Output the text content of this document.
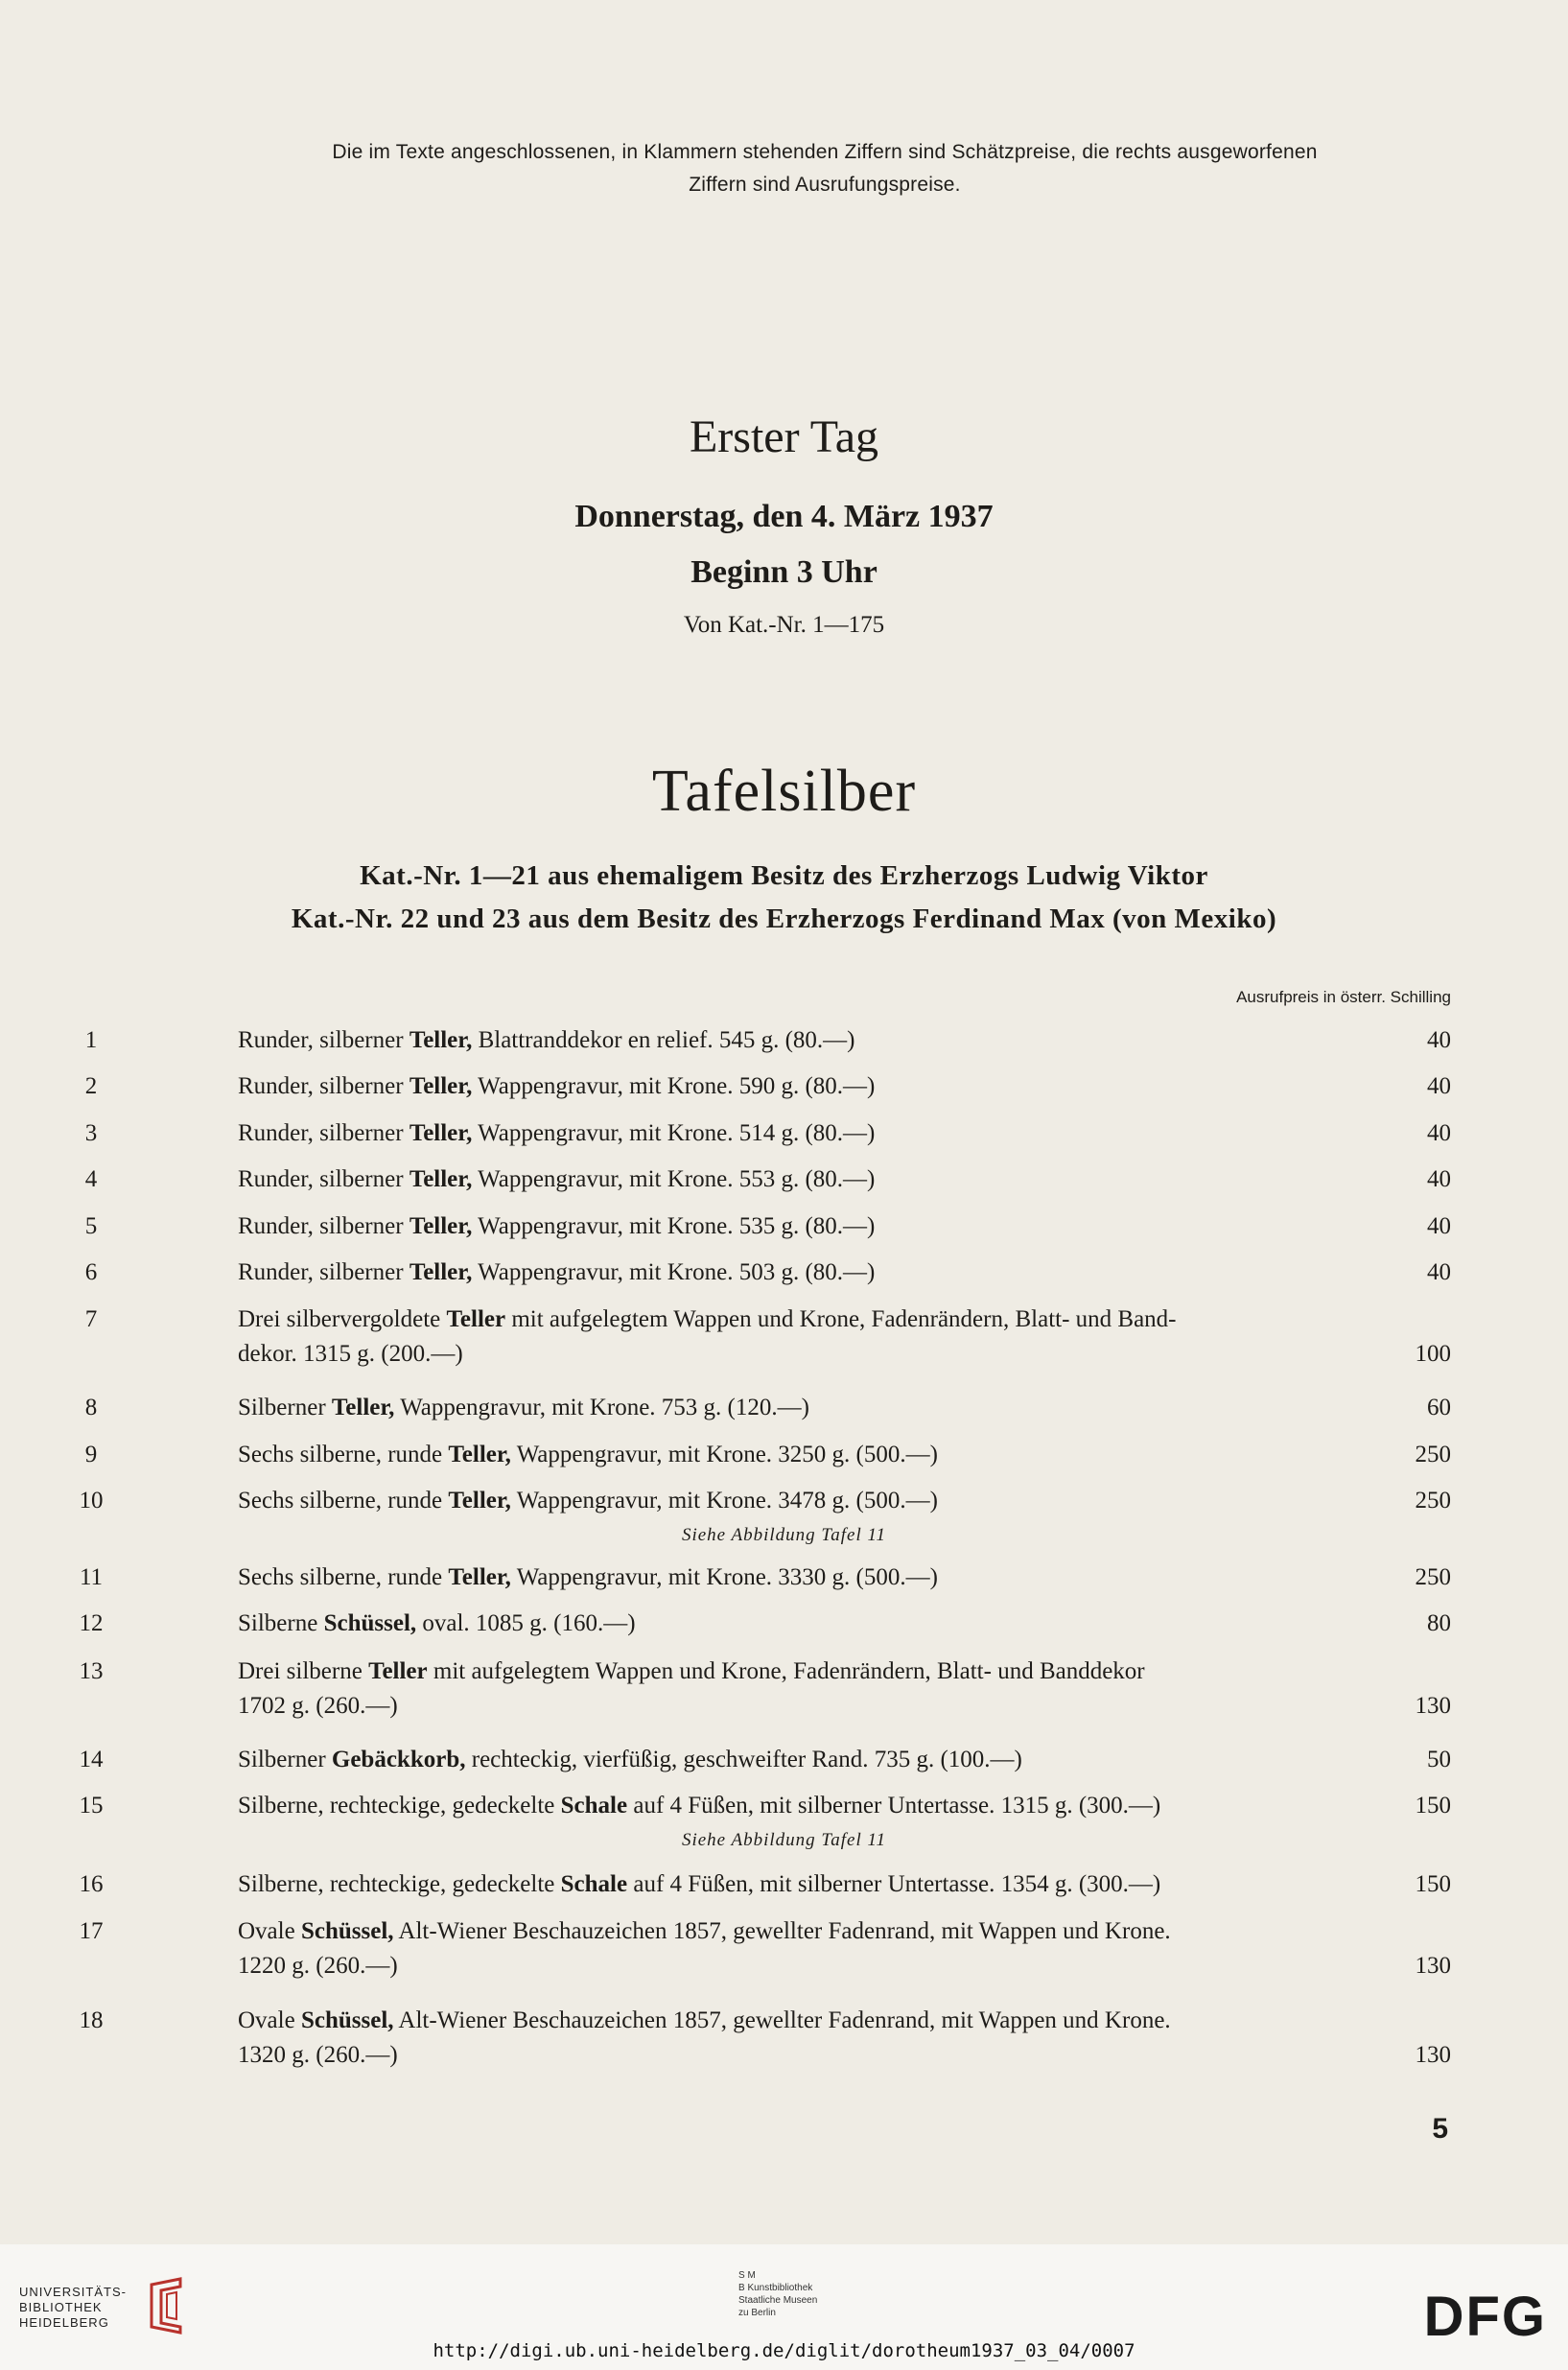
Die im Texte angeschlossenen, in Klammern stehenden Ziffern sind Schätzpreise, die rechts ausgeworfenen
Ziffern sind Ausrufungspreise.
Erster Tag
Donnerstag, den 4. März 1937
Beginn 3 Uhr
Von Kat.-Nr. 1—175
Tafelsilber
Kat.-Nr. 1—21 aus ehemaligem Besitz des Erzherzogs Ludwig Viktor
Kat.-Nr. 22 und 23 aus dem Besitz des Erzherzogs Ferdinand Max (von Mexiko)
Ausrufpreis in österr. Schilling
1	Runder, silberner Teller, Blattranddekor en relief. 545 g. (80.—)	40
2	Runder, silberner Teller, Wappengravur, mit Krone. 590 g. (80.—)	40
3	Runder, silberner Teller, Wappengravur, mit Krone. 514 g. (80.—)	40
4	Runder, silberner Teller, Wappengravur, mit Krone. 553 g. (80.—)	40
5	Runder, silberner Teller, Wappengravur, mit Krone. 535 g. (80.—)	40
6	Runder, silberner Teller, Wappengravur, mit Krone. 503 g. (80.—)	40
7	Drei silbervergoldete Teller mit aufgelegtem Wappen und Krone, Fadenrändern, Blatt- und Band-
dekor. 1315 g. (200.—)	100
8	Silberner Teller, Wappengravur, mit Krone. 753 g. (120.—)	60
9	Sechs silberne, runde Teller, Wappengravur, mit Krone. 3250 g. (500.—)	250
10	Sechs silberne, runde Teller, Wappengravur, mit Krone. 3478 g. (500.—)	250
Siehe Abbildung Tafel 11
11	Sechs silberne, runde Teller, Wappengravur, mit Krone. 3330 g. (500.—)	250
12	Silberne Schüssel, oval. 1085 g. (160.—)	80
13	Drei silberne Teller mit aufgelegtem Wappen und Krone, Fadenrändern, Blatt- und Banddekor
1702 g. (260.—)	130
14	Silberner Gebäckkorb, rechteckig, vierfüßig, geschweifter Rand. 735 g. (100.—)	50
15	Silberne, rechteckige, gedeckelte Schale auf 4 Füßen, mit silberner Untertasse. 1315 g. (300.—)	150
Siehe Abbildung Tafel 11
16	Silberne, rechteckige, gedeckelte Schale auf 4 Füßen, mit silberner Untertasse. 1354 g. (300.—)	150
17	Ovale Schüssel, Alt-Wiener Beschauzeichen 1857, gewellter Fadenrand, mit Wappen und Krone.
1220 g. (260.—)	130
18	Ovale Schüssel, Alt-Wiener Beschauzeichen 1857, gewellter Fadenrand, mit Wappen und Krone.
1320 g. (260.—)	130
5
UNIVERSITÄTS-
BIBLIOTHEK
HEIDELBERG
S M
B Kunstbibliothek
Staatliche Museen
zu Berlin	DFG
http://digi.ub.uni-heidelberg.de/diglit/dorotheum1937_03_04/0007
